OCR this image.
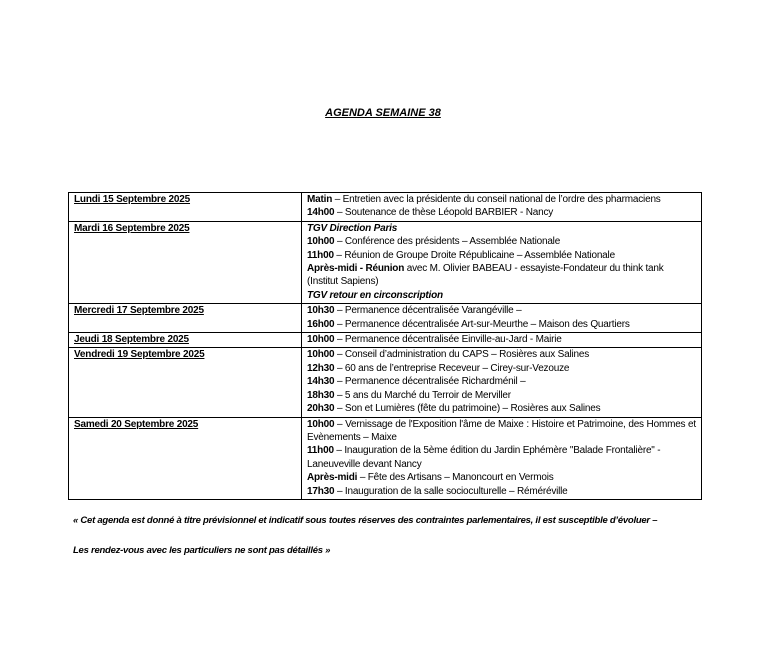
AGENDA SEMAINE 38
Lundi 15 Septembre 2025	Matin – Entretien avec la présidente du conseil national de l’ordre des pharmaciens

14h00 – Soutenance de thèse Léopold BARBIER - Nancy

Mardi 16 Septembre 2025	TGV Direction Paris

10h00 – Conférence des présidents – Assemblée Nationale

11h00 – Réunion de Groupe Droite Républicaine – Assemblée Nationale

Après-midi - Réunion avec M. Olivier BABEAU - essayiste-Fondateur du think tank (Institut Sapiens)

TGV retour en circonscription

Mercredi 17 Septembre 2025	10h30 – Permanence décentralisée Varangéville –

16h00 – Permanence décentralisée Art-sur-Meurthe – Maison des Quartiers

Jeudi 18 Septembre 2025	10h00 – Permanence décentralisée Einville-au-Jard - Mairie

Vendredi 19 Septembre 2025	10h00 – Conseil d’administration du CAPS – Rosières aux Salines

12h30 – 60 ans de l’entreprise Receveur – Cirey-sur-Vezouze

14h30 – Permanence décentralisée Richardménil –

18h30 – 5 ans du Marché du Terroir de Merviller

20h30 – Son et Lumières (fête du patrimoine) – Rosières aux Salines

Samedi 20 Septembre 2025	10h00 – Vernissage de l'Exposition l'âme de Maixe : Histoire et Patrimoine, des Hommes et Evènements – Maixe

11h00 – Inauguration de la 5ème édition du Jardin Ephémère "Balade Frontalière" - Laneuveville devant Nancy

Après-midi – Fête des Artisans – Manoncourt en Vermois

17h30 – Inauguration de la salle socioculturelle – Réméréville

« Cet agenda est donné à titre prévisionnel et indicatif sous toutes réserves des contraintes parlementaires, il est susceptible d’évoluer –

Les rendez-vous avec les particuliers ne sont pas détaillés »
